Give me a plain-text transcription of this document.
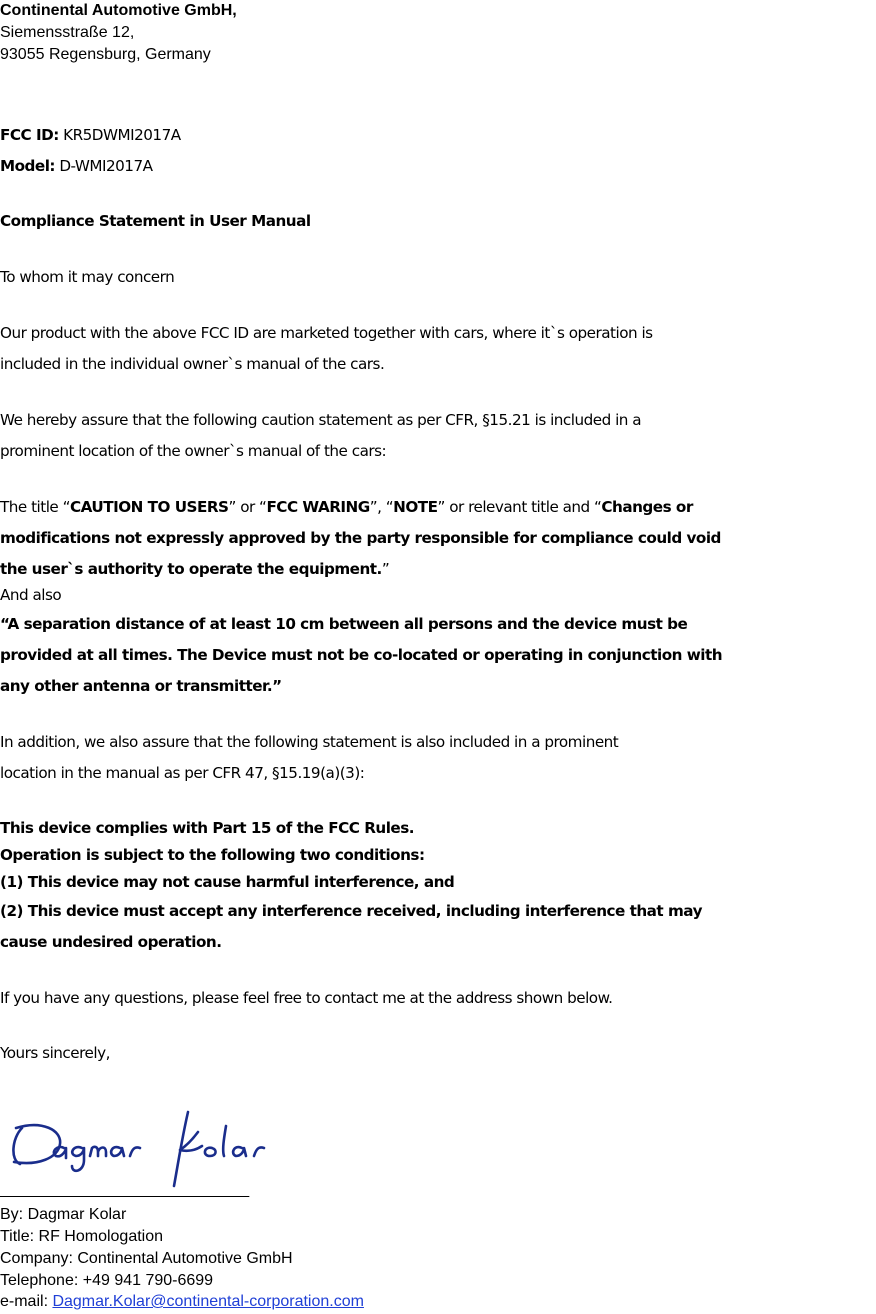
Continental Automotive GmbH,
Siemensstraße 12,
93055 Regensburg, Germany
FCC ID: KR5DWMI2017A
Model: D-WMI2017A
Compliance Statement in User Manual
To whom it may concern
Our product with the above FCC ID are marketed together with cars, where it`s operation is
included in the individual owner`s manual of the cars.
We hereby assure that the following caution statement as per CFR, §15.21 is included in a
prominent location of the owner`s manual of the cars:
The title “CAUTION TO USERS” or “FCC WARING”, “NOTE” or relevant title and “Changes or
modifications not expressly approved by the party responsible for compliance could void
the user`s authority to operate the equipment.”
And also
“A separation distance of at least 10 cm between all persons and the device must be
provided at all times. The Device must not be co-located or operating in conjunction with
any other antenna or transmitter.”
In addition, we also assure that the following statement is also included in a prominent
location in the manual as per CFR 47, §15.19(a)(3):
This device complies with Part 15 of the FCC Rules.
Operation is subject to the following two conditions:
(1) This device may not cause harmful interference, and
(2) This device must accept any interference received, including interference that may
cause undesired operation.
If you have any questions, please feel free to contact me at the address shown below.
Yours sincerely,
____________________________
By: Dagmar Kolar
Title: RF Homologation
Company: Continental Automotive GmbH
Telephone: +49 941 790-6699
e-mail: Dagmar.Kolar@continental-corporation.com
